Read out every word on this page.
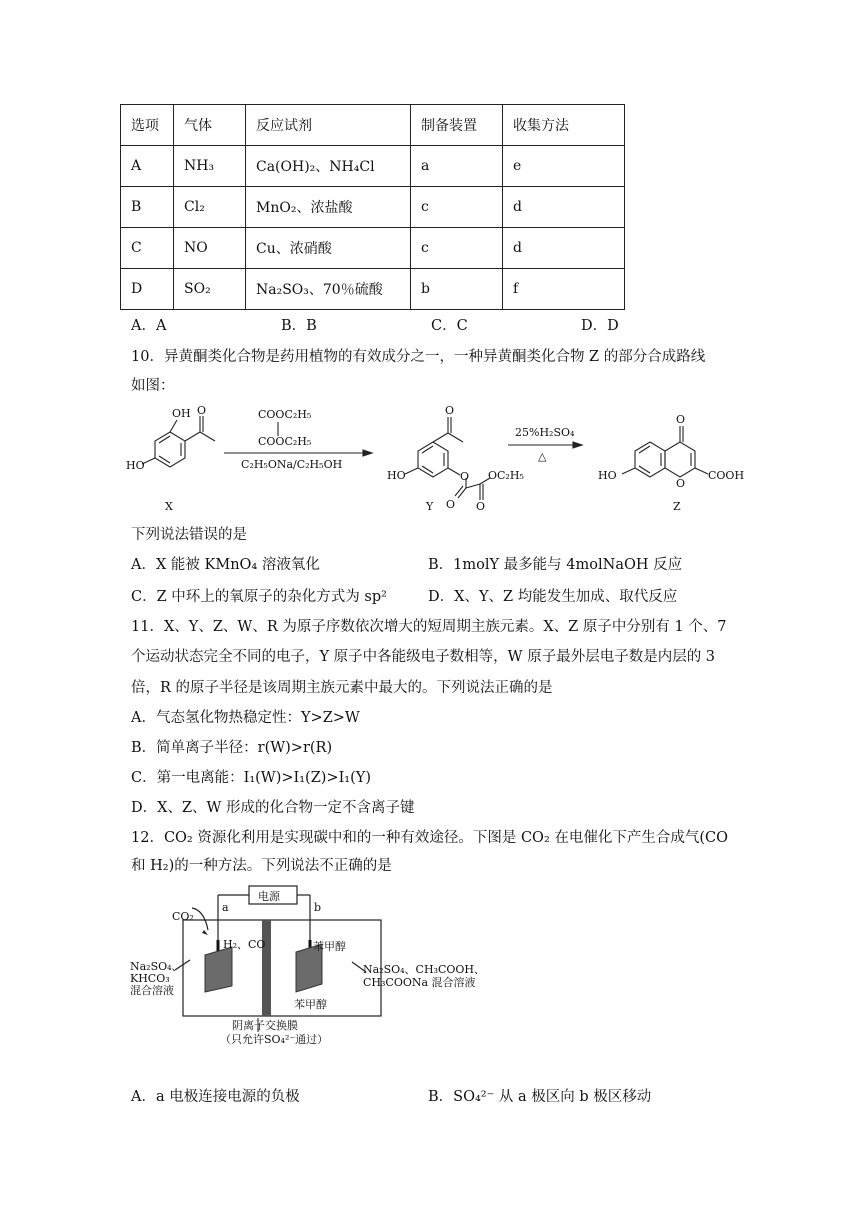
选项	气体	反应试剂	制备装置	收集方法
A	NH₃	Ca(OH)₂、NH₄Cl	a	e
B	Cl₂	MnO₂、浓盐酸	c	d
C	NO	Cu、浓硝酸	c	d
D	SO₂	Na₂SO₃、70％硫酸	b	f
A．A	B．B	C．C	D．D
10．异黄酮类化合物是药用植物的有效成分之一，一种异黄酮类化合物 Z 的部分合成路线
如图：
OH O
HO
COOC₂H₅
COOC₂H₅
C₂H₅ONa/C₂H₅OH
O
HO	O
O
OC₂H₅
O
25%H₂SO₄
△
O
HO
O
COOH
X	Y	Z
下列说法错误的是
A．X 能被 KMnO₄ 溶液氧化	B．1molY 最多能与 4molNaOH 反应
C．Z 中环上的氧原子的杂化方式为 sp²	D．X、Y、Z 均能发生加成、取代反应
11．X、Y、Z、W、R 为原子序数依次增大的短周期主族元素。X、Z 原子中分别有 1 个、7
个运动状态完全不同的电子，Y 原子中各能级电子数相等，W 原子最外层电子数是内层的 3
倍，R 的原子半径是该周期主族元素中最大的。下列说法正确的是
A．气态氢化物热稳定性：Y>Z>W
B．简单离子半径：r(W)>r(R)
C．第一电离能：I₁(W)>I₁(Z)>I₁(Y)
D．X、Z、W 形成的化合物一定不含离子键
12．CO₂ 资源化利用是实现碳中和的一种有效途径。下图是 CO₂ 在电催化下产生合成气(CO
和 H₂)的一种方法。下列说法不正确的是
电源
a	b
CO₂
H₂、CO	苯甲醇
苯甲醇
Na₂SO₄、
KHCO₃
混合溶液
Na₂SO₄、CH₃COOH、
CH₃COONa 混合溶液
阴离子交换膜
（只允许SO₄²⁻通过）
A．a 电极连接电源的负极	B．SO₄²⁻ 从 a 极区向 b 极区移动
